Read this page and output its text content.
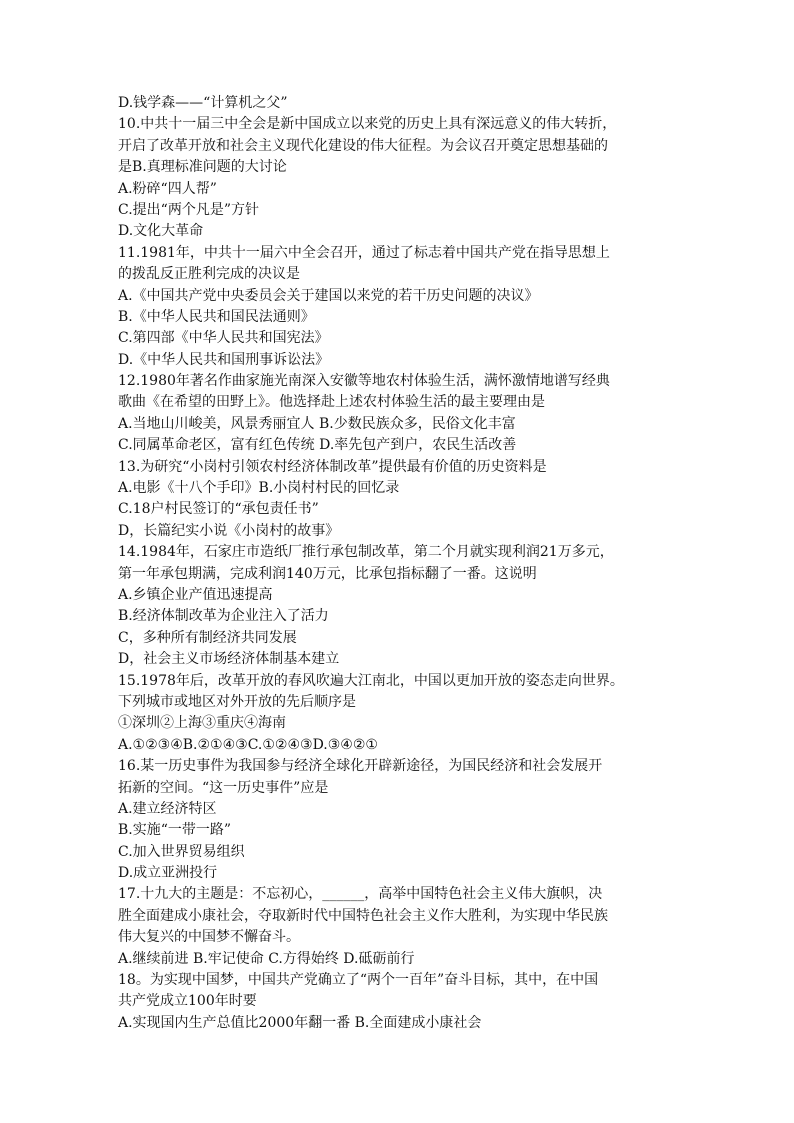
D.钱学森——“计算机之父”
10.中共十一届三中全会是新中国成立以来党的历史上具有深远意义的伟大转折，
开启了改革开放和社会主义现代化建设的伟大征程。为会议召开奠定思想基础的
是B.真理标准问题的大讨论
A.粉碎“四人帮”
C.提出“两个凡是”方针
D.文化大革命
11.1981年，中共十一届六中全会召开，通过了标志着中国共产党在指导思想上
的拨乱反正胜利完成的决议是
A.《中国共产党中央委员会关于建国以来党的若干历史问题的决议》
B.《中华人民共和国民法通则》
C.第四部《中华人民共和国宪法》
D.《中华人民共和国刑事诉讼法》
12.1980年著名作曲家施光南深入安徽等地农村体验生活，满怀激情地谱写经典
歌曲《在希望的田野上》。他选择赴上述农村体验生活的最主要理由是
A.当地山川峻美，风景秀丽宜人 B.少数民族众多，民俗文化丰富
C.同属革命老区，富有红色传统 D.率先包产到户，农民生活改善
13.为研究“小岗村引领农村经济体制改革”提供最有价值的历史资料是
A.电影《十八个手印》B.小岗村村民的回忆录
C.18户村民签订的“承包责任书”
D，长篇纪实小说《小岗村的故事》
14.1984年，石家庄市造纸厂推行承包制改革，第二个月就实现利润21万多元，
第一年承包期满，完成利润140万元，比承包指标翻了一番。这说明
A.乡镇企业产值迅速提高
B.经济体制改革为企业注入了活力
C，多种所有制经济共同发展
D，社会主义市场经济体制基本建立
15.1978年后，改革开放的春风吹遍大江南北，中国以更加开放的姿态走向世界。
下列城市或地区对外开放的先后顺序是
①深圳②上海③重庆④海南
A.①②③④B.②①④③C.①②④③D.③④②①
16.某一历史事件为我国参与经济全球化开辟新途径，为国民经济和社会发展开
拓新的空间。“这一历史事件”应是
A.建立经济特区
B.实施“一带一路”
C.加入世界贸易组织
D.成立亚洲投行
17.十九大的主题是：不忘初心，______，高举中国特色社会主义伟大旗帜，决
胜全面建成小康社会，夺取新时代中国特色社会主义作大胜利，为实现中华民族
伟大复兴的中国梦不懈奋斗。
A.继续前进 B.牢记使命 C.方得始终 D.砥砺前行
18。为实现中国梦，中国共产党确立了“两个一百年”奋斗目标，其中，在中国
共产党成立100年时要
A.实现国内生产总值比2000年翻一番 B.全面建成小康社会
